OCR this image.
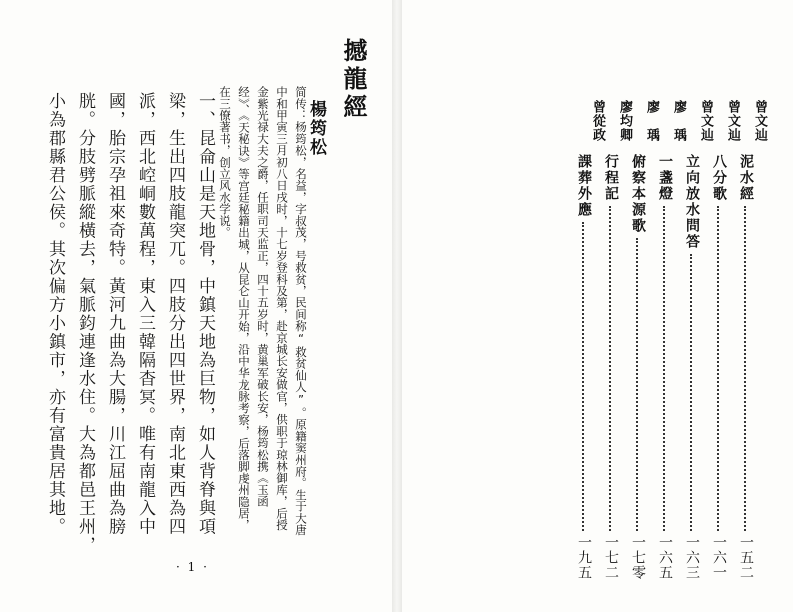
撼龍經
楊筠松
简传：杨筠松，名益，字叔茂，号救贫，民间称“救贫仙人”。原籍窦州府。生于大唐中和甲寅三月初八日戌时，十七岁登科及第，赴京城长安做官，供职于琼林御库，后授金紫光禄大夫之爵，任职司天监正，四十五岁时，黄巢军破长安，杨筠松携《玉函经》、《天秘诀》等宫廷秘籍出城，从昆仑山开始，沿中华龙脉考察，后落脚虔州隐居，在三僚著书，创立风水学说。
一、昆侖山是天地骨，中鎮天地為巨物，如人背脊與項梁，生出四肢龍突兀。四肢分出四世界，南北東西為四派，西北崆峒數萬程，東入三韓隔杳冥。唯有南龍入中國，胎宗孕祖來奇特。黃河九曲為大腸，川江屈曲為膀胱。分肢劈脈縱橫去，氣脈鈞連逢水住。大為都邑王州，小為郡縣君公侯。其次偏方小鎮市，亦有富貴居其地。
· 1 ·
曾文辿
泥水經
一五二
曾文辿
八分歌
一六一
曾文辿
立向放水問答
一六三
廖　瑀
一盞燈
一六五
廖　瑀
俯察本源歌
一七零
廖均卿
行程記
一七二
曾從政
課葬外應
一九五
